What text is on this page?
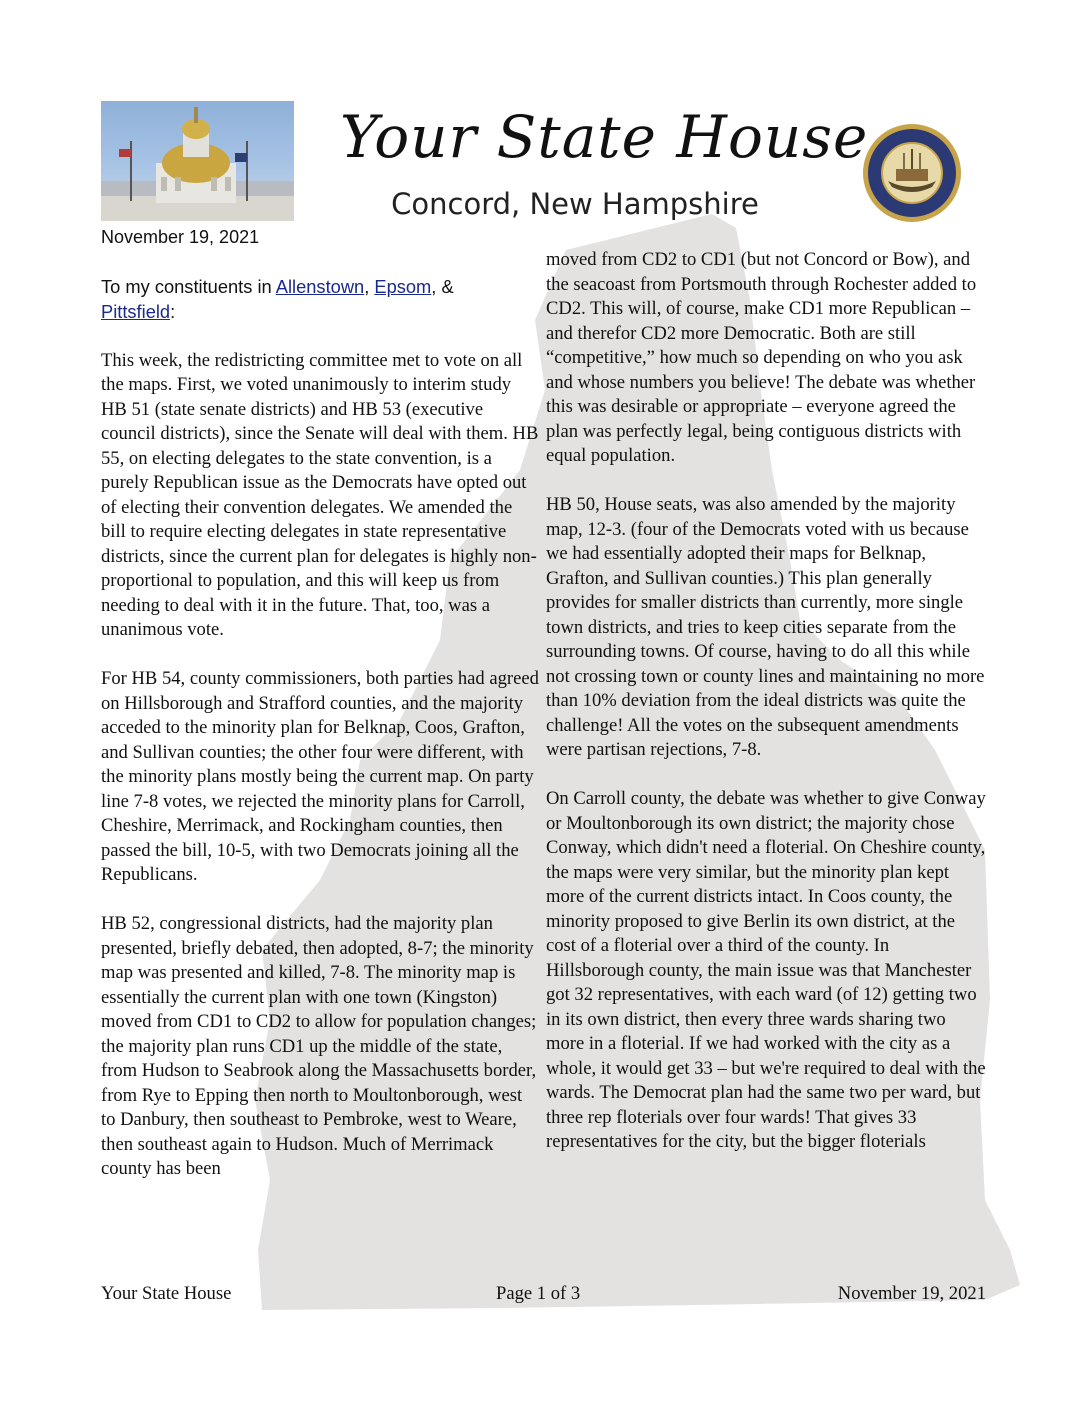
Your State House
Concord, New Hampshire
November 19, 2021

To my constituents in Allenstown, Epsom, &
Pittsfield:

This week, the redistricting committee met to vote on all the maps. First, we voted unanimously to interim study HB 51 (state senate districts) and HB 53 (executive council districts), since the Senate will deal with them. HB 55, on electing delegates to the state convention, is a purely Republican issue as the Democrats have opted out of electing their convention delegates. We amended the bill to require electing delegates in state representative districts, since the current plan for delegates is highly non-proportional to population, and this will keep us from needing to deal with it in the future. That, too, was a unanimous vote.

For HB 54, county commissioners, both parties had agreed on Hillsborough and Strafford counties, and the majority acceded to the minority plan for Belknap, Coos, Grafton, and Sullivan counties; the other four were different, with the minority plans mostly being the current map. On party line 7-8 votes, we rejected the minority plans for Carroll, Cheshire, Merrimack, and Rockingham counties, then passed the bill, 10-5, with two Democrats joining all the Republicans.

HB 52, congressional districts, had the majority plan presented, briefly debated, then adopted, 8-7; the minority map was presented and killed, 7-8. The minority map is essentially the current plan with one town (Kingston) moved from CD1 to CD2 to allow for population changes; the majority plan runs CD1 up the middle of the state, from Hudson to Seabrook along the Massachusetts border, from Rye to Epping then north to Moultonborough, west to Danbury, then southeast to Pembroke, west to Weare, then southeast again to Hudson. Much of Merrimack county has been

moved from CD2 to CD1 (but not Concord or Bow), and the seacoast from Portsmouth through Rochester added to CD2. This will, of course, make CD1 more Republican – and therefor CD2 more Democratic. Both are still “competitive,” how much so depending on who you ask and whose numbers you believe! The debate was whether this was desirable or appropriate – everyone agreed the plan was perfectly legal, being contiguous districts with equal population.

HB 50, House seats, was also amended by the majority map, 12-3. (four of the Democrats voted with us because we had essentially adopted their maps for Belknap, Grafton, and Sullivan counties.) This plan generally provides for smaller districts than currently, more single town districts, and tries to keep cities separate from the surrounding towns. Of course, having to do all this while not crossing town or county lines and maintaining no more than 10% deviation from the ideal districts was quite the challenge! All the votes on the subsequent amendments were partisan rejections, 7-8.

On Carroll county, the debate was whether to give Conway or Moultonborough its own district; the majority chose Conway, which didn't need a floterial. On Cheshire county, the maps were very similar, but the minority plan kept more of the current districts intact. In Coos county, the minority proposed to give Berlin its own district, at the cost of a floterial over a third of the county. In Hillsborough county, the main issue was that Manchester got 32 representatives, with each ward (of 12) getting two in its own district, then every three wards sharing two more in a floterial. If we had worked with the city as a whole, it would get 33 – but we're required to deal with the wards. The Democrat plan had the same two per ward, but three rep floterials over four wards! That gives 33 representatives for the city, but the bigger floterials

Your State House	Page 1 of 3	November 19, 2021
